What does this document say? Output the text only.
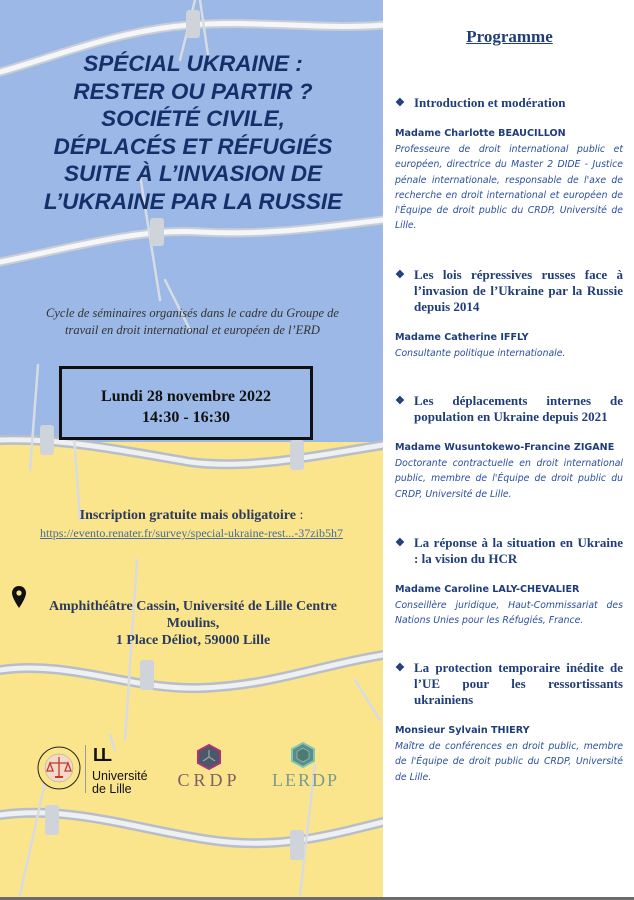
SPÉCIAL UKRAINE :
RESTER OU PARTIR ?
SOCIÉTÉ CIVILE,
DÉPLACÉS ET RÉFUGIÉS
SUITE À L’INVASION DE
L’UKRAINE PAR LA RUSSIE
Cycle de séminaires organisés dans le cadre du Groupe de
travail en droit international et européen de l’ERD
Lundi 28 novembre 2022
14:30 - 16:30
Inscription gratuite mais obligatoire :
https://evento.renater.fr/survey/special-ukraine-rest...-37zib5h7
Amphithéâtre Cassin, Université de Lille Centre
Moulins,
1 Place Déliot, 59000 Lille
LL
Université
de Lille	CRDP LERDP
Programme
❖ Introduction et modération
Madame Charlotte BEAUCILLON
Professeure de droit international public et européen, directrice du Master 2 DIDE - Justice pénale internationale, responsable de l'axe de recherche en droit international et européen de l'Équipe de droit public du CRDP, Université de Lille.
❖ Les lois répressives russes face à l’invasion de l’Ukraine par la Russie depuis 2014
Madame Catherine IFFLY
Consultante politique internationale.
❖ Les déplacements internes de population en Ukraine depuis 2021
Madame Wusuntokewo-Francine ZIGANE
Doctorante contractuelle en droit international public, membre de l'Équipe de droit public du CRDP, Université de Lille.
❖ La réponse à la situation en Ukraine : la vision du HCR
Madame Caroline LALY-CHEVALIER
Conseillère juridique, Haut-Commissariat des Nations Unies pour les Réfugiés, France.
❖ La protection temporaire inédite de l’UE pour les ressortissants ukrainiens
Monsieur Sylvain THIERY
Maître de conférences en droit public, membre de l'Équipe de droit public du CRDP, Université de Lille.
